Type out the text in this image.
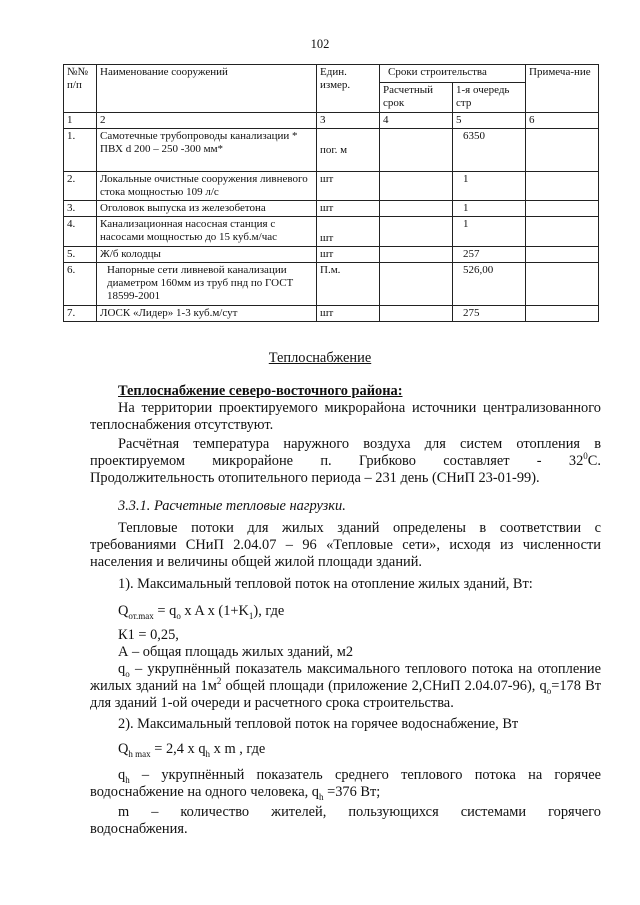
102
№№ п/п	Наименование сооружений	Един. измер.	Сроки строительства		Примеча-ние
			Расчетный срок	1-я очередь стр	
1	2	3	4	5	6
1.	Самотечные трубопроводы канализации * ПВХ d 200 – 250 -300 мм*	пог. м		6350	
2.	Локальные очистные сооружения ливневого стока мощностью 109 л/с	шт		1	
3.	Оголовок выпуска из железобетона	шт		1	
4.	Канализационная насосная станция с насосами мощностью до 15 куб.м/час	шт		1	
5.	Ж/б колодцы	шт		257	
6.	Напорные сети ливневой канализации диаметром 160мм из труб пнд по ГОСТ 18599-2001	П.м.		526,00	
7.	ЛОСК «Лидер» 1-3 куб.м/сут	шт		275	
Теплоснабжение
Теплоснабжение северо-восточного района:
На территории проектируемого микрорайона источники централизованного теплоснабжения отсутствуют.
Расчётная температура наружного воздуха для систем отопления в
проектируемом микрорайоне п. Грибково составляет - $32^0С$.
Продолжительность отопительного периода – 231 день (СНиП 23-01-99).
3.3.1. Расчетные тепловые нагрузки.
Тепловые потоки для жилых зданий определены в соответствии с требованиями СНиП 2.04.07 – 96 «Тепловые сети», исходя из численности населения и величины общей жилой площади зданий.
1). Максимальный тепловой поток на отопление жилых зданий, Вт:
$Q_{от.max} = q_o$ x A x $(1+K_1)$, где
К1 = 0,25,
А – общая площадь жилых зданий, м2
$q_o$ – укрупнённый показатель максимального теплового потока на отопление жилых зданий на $1м^2$ общей площади (приложение 2,СНиП 2.04.07-96), $q_o=178$ Вт для зданий 1-ой очереди и расчетного срока строительства.
2). Максимальный тепловой поток на горячее водоснабжение, Вт
$Q_{h max} = 2,4$ х $q_h$ х m , где
$q_h$ – укрупнённый показатель среднего теплового потока на горячее водоснабжение на одного человека, $q_h =376$ Вт;
m – количество жителей, пользующихся системами горячего водоснабжения.
